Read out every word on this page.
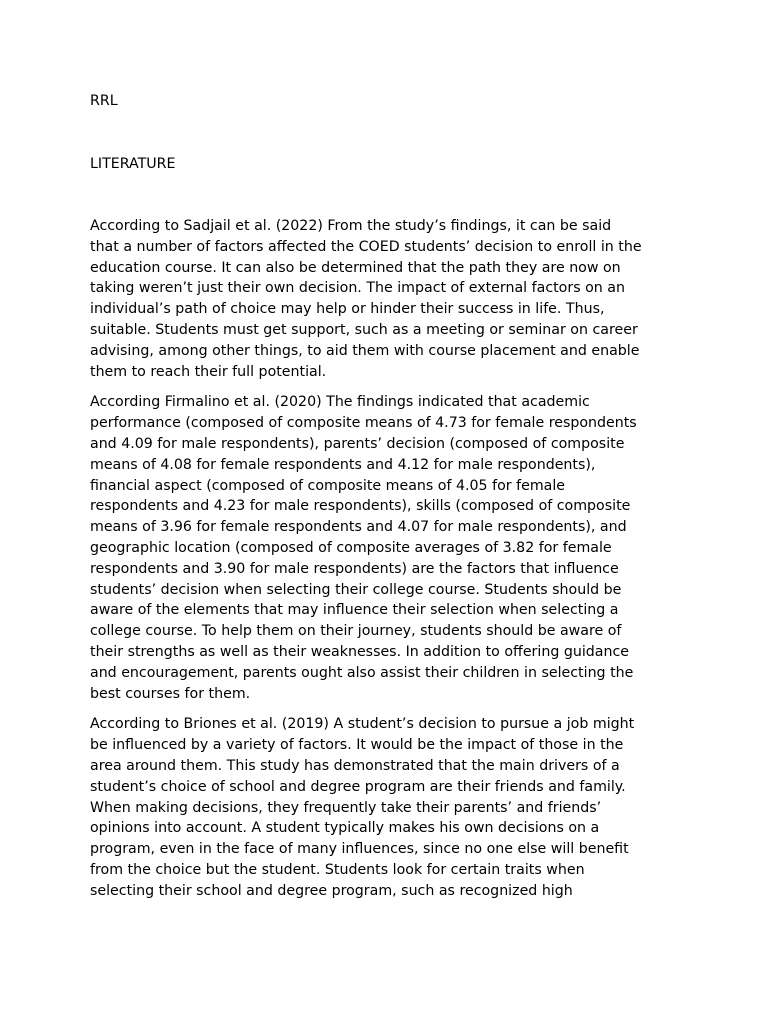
RRL
LITERATURE

According to Sadjail et al. (2022) From the study’s findings, it can be said
that a number of factors affected the COED students’ decision to enroll in the
education course. It can also be determined that the path they are now on
taking weren’t just their own decision. The impact of external factors on an
individual’s path of choice may help or hinder their success in life. Thus,
suitable. Students must get support, such as a meeting or seminar on career
advising, among other things, to aid them with course placement and enable
them to reach their full potential.

According Firmalino et al. (2020) The findings indicated that academic
performance (composed of composite means of 4.73 for female respondents
and 4.09 for male respondents), parents’ decision (composed of composite
means of 4.08 for female respondents and 4.12 for male respondents),
financial aspect (composed of composite means of 4.05 for female
respondents and 4.23 for male respondents), skills (composed of composite
means of 3.96 for female respondents and 4.07 for male respondents), and
geographic location (composed of composite averages of 3.82 for female
respondents and 3.90 for male respondents) are the factors that influence
students’ decision when selecting their college course. Students should be
aware of the elements that may influence their selection when selecting a
college course. To help them on their journey, students should be aware of
their strengths as well as their weaknesses. In addition to offering guidance
and encouragement, parents ought also assist their children in selecting the
best courses for them.

According to Briones et al. (2019) A student’s decision to pursue a job might
be influenced by a variety of factors. It would be the impact of those in the
area around them. This study has demonstrated that the main drivers of a
student’s choice of school and degree program are their friends and family.
When making decisions, they frequently take their parents’ and friends’
opinions into account. A student typically makes his own decisions on a
program, even in the face of many influences, since no one else will benefit
from the choice but the student. Students look for certain traits when
selecting their school and degree program, such as recognized high
